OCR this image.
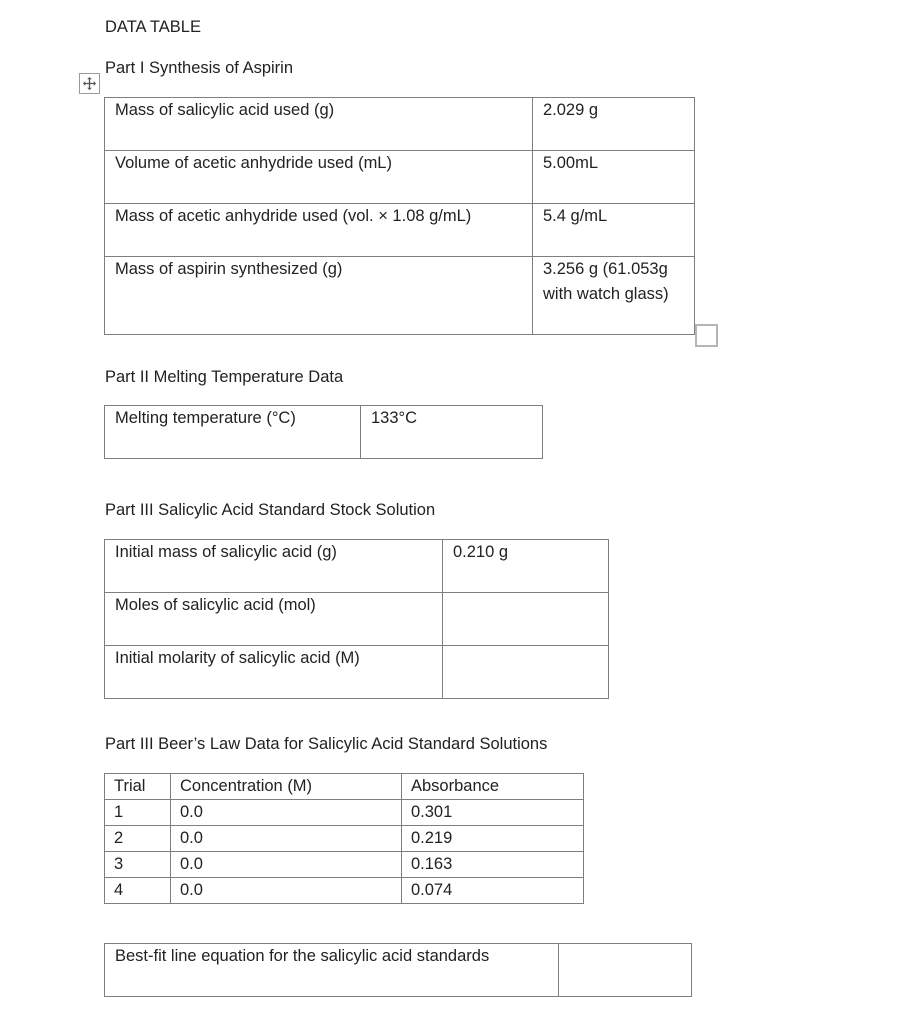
DATA TABLE
Part I Synthesis of Aspirin
Mass of salicylic acid used (g)	2.029 g

Volume of acetic anhydride used (mL)	5.00mL

Mass of acetic anhydride used (vol. × 1.08 g/mL)	5.4 g/mL

Mass of aspirin synthesized (g)	3.256 g (61.053g with watch glass)
Part II Melting Temperature Data
Melting temperature (°C)	133°C
Part III Salicylic Acid Standard Stock Solution
Initial mass of salicylic acid (g)	0.210 g

Moles of salicylic acid (mol)	

Initial molarity of salicylic acid (M)	

Part III Beer’s Law Data for Salicylic Acid Standard Solutions
Trial	Concentration (M)	Absorbance

1	0.0	0.301

2	0.0	0.219

3	0.0	0.163

4	0.0	0.074
Best-fit line equation for the salicylic acid standards
